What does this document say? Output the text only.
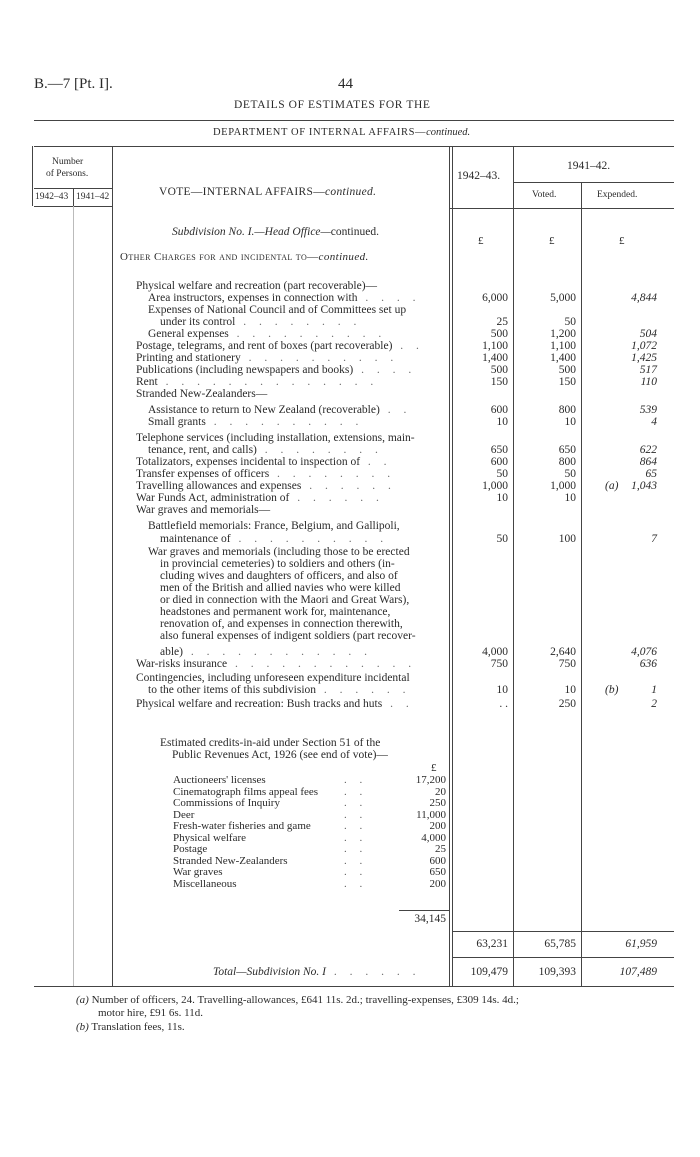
B.—7 [Pt. I].	44
DETAILS OF ESTIMATES FOR THE
DEPARTMENT OF INTERNAL AFFAIRS—continued.
Number
of Persons.
1942–43 1941–42	VOTE—INTERNAL AFFAIRS—continued.
1942–43.
1941–42.
Voted.	Expended.
Subdivision No. I.—Head Office—continued.
Other Charges for and incidental to—continued.
£	£	£
Physical welfare and recreation (part recoverable)—
Area instructors, expenses in connection with . . . .	6,000	5,000	4,844
Expenses of National Council and of Committees set up
under its control . . . . . . . .	25	50
General expenses . . . . . . . . . .	500	1,200	504
Postage, telegrams, and rent of boxes (part recoverable) . .	1,100	1,100	1,072
Printing and stationery . . . . . . . . . .	1,400	1,400	1,425
Publications (including newspapers and books) . . . .	500	500	517
Rent . . . . . . . . . . . . . .	150	150	110
Stranded New-Zealanders—
Assistance to return to New Zealand (recoverable) . .	600	800	539
Small grants . . . . . . . . . .	10	10	4
Telephone services (including installation, extensions, main-
tenance, rent, and calls) . . . . . . . .	650	650	622
Totalizators, expenses incidental to inspection of . .	600	800	864
Transfer expenses of officers . . . . . . . .	50	50	65
Travelling allowances and expenses . . . . . .	1,000	1,000	1,043
(a)
War Funds Act, administration of . . . . . .	10	10
War graves and memorials—
Battlefield memorials: France, Belgium, and Gallipoli,
maintenance of . . . . . . . . . .	50	100	7
War graves and memorials (including those to be erected
in provincial cemeteries) to soldiers and others (in-
cluding wives and daughters of officers, and also of
men of the British and allied navies who were killed
or died in connection with the Maori and Great Wars),
headstones and permanent work for, maintenance,
renovation of, and expenses in connection therewith,
also funeral expenses of indigent soldiers (part recover-
able) . . . . . . . . . . . .	4,000	2,640	4,076
War-risks insurance . . . . . . . . . . . .	750	750	636
Contingencies, including unforeseen expenditure incidental
to the other items of this subdivision . . . . . .	10	10	1
(b)
Physical welfare and recreation: Bush tracks and huts . .	. .	250	2
Estimated credits-in-aid under Section 51 of the
Public Revenues Act, 1926 (see end of vote)—
£
Auctioneers' licenses	. .	17,200
Cinematograph films appeal fees . .	20
Commissions of Inquiry	. .	250
Deer	. .	11,000
Fresh-water fisheries and game	. .	200
Physical welfare	. .	4,000
Postage	. .	25
Stranded New-Zealanders	. .	600
War graves	. .	650
Miscellaneous	. .	200
34,145
63,231	65,785	61,959
Total—Subdivision No. I . . . . . .	109,479	109,393	107,489
(a) Number of officers, 24. Travelling-allowances, £641 11s. 2d.; travelling-expenses, £309 14s. 4d.;
motor hire, £91 6s. 11d.
(b) Translation fees, 11s.
